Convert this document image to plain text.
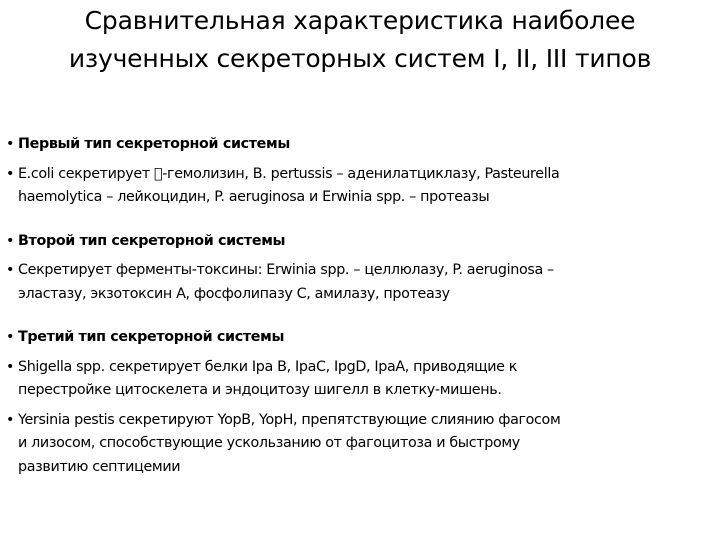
Сравнительная характеристика наиболее
изученных секреторных систем I, II, III типов
• Первый тип секреторной системы
• E.coli секретирует  -гемолизин, B. pertussis – аденилатциклазу, Pasteurella
haemolytica – лейкоцидин, P. aeruginosa и Erwinia spp. – протеазы
• Второй тип секреторной системы
• Секретирует ферменты-токсины: Erwinia spp. – целлюлазу, P. aeruginosa –
эластазу, экзотоксин А, фосфолипазу С, амилазу, протеазу
• Третий тип секреторной системы
• Shigella spp. секретирует белки Ipa B, IpaC, IpgD, IpaA, приводящие к
перестройке цитоскелета и эндоцитозу шигелл в клетку-мишень.
• Yersinia pestis секретируют YopB, YopH, препятствующие слиянию фагосом
и лизосом, способствующие ускользанию от фагоцитоза и быстрому
развитию септицемии
